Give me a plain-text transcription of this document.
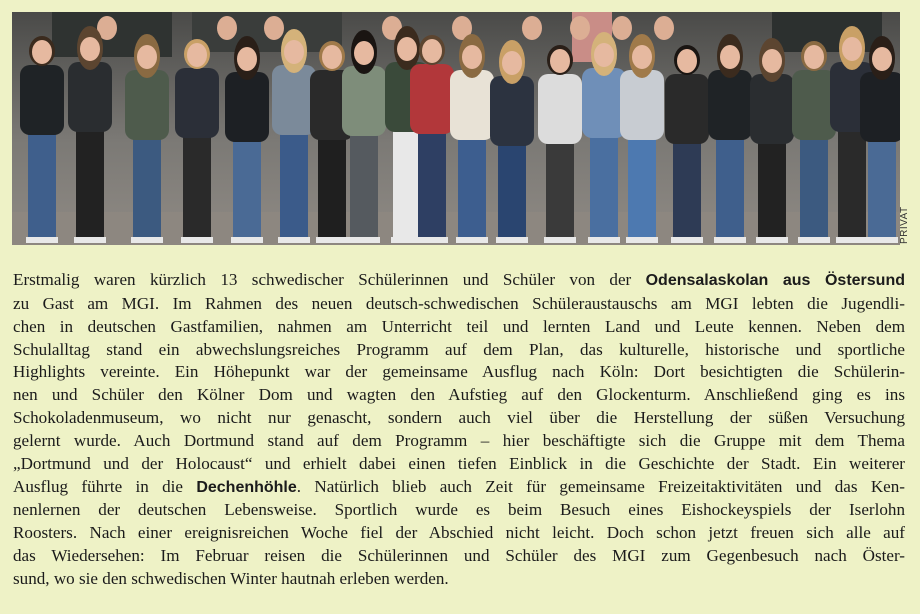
PRIVAT
Erstmalig waren kürzlich 13 schwedischer Schülerinnen und Schüler von der Odensalaskolan aus Östersund
zu Gast am MGI. Im Rahmen des neuen deutsch-schwedischen Schüleraustauschs am MGI lebten die Jugendli-
chen in deutschen Gastfamilien, nahmen am Unterricht teil und lernten Land und Leute kennen. Neben dem
Schulalltag stand ein abwechslungsreiches Programm auf dem Plan, das kulturelle, historische und sportliche
Highlights vereinte. Ein Höhepunkt war der gemeinsame Ausflug nach Köln: Dort besichtigten die Schülerin-
nen und Schüler den Kölner Dom und wagten den Aufstieg auf den Glockenturm. Anschließend ging es ins
Schokoladenmuseum, wo nicht nur genascht, sondern auch viel über die Herstellung der süßen Versuchung
gelernt wurde. Auch Dortmund stand auf dem Programm – hier beschäftigte sich die Gruppe mit dem Thema
„Dortmund und der Holocaust“ und erhielt dabei einen tiefen Einblick in die Geschichte der Stadt. Ein weiterer
Ausflug führte in die Dechenhöhle. Natürlich blieb auch Zeit für gemeinsame Freizeitaktivitäten und das Ken-
nenlernen der deutschen Lebensweise. Sportlich wurde es beim Besuch eines Eishockeyspiels der Iserlohn
Roosters. Nach einer ereignisreichen Woche fiel der Abschied nicht leicht. Doch schon jetzt freuen sich alle auf
das Wiedersehen: Im Februar reisen die Schülerinnen und Schüler des MGI zum Gegenbesuch nach Öster-
sund, wo sie den schwedischen Winter hautnah erleben werden.
